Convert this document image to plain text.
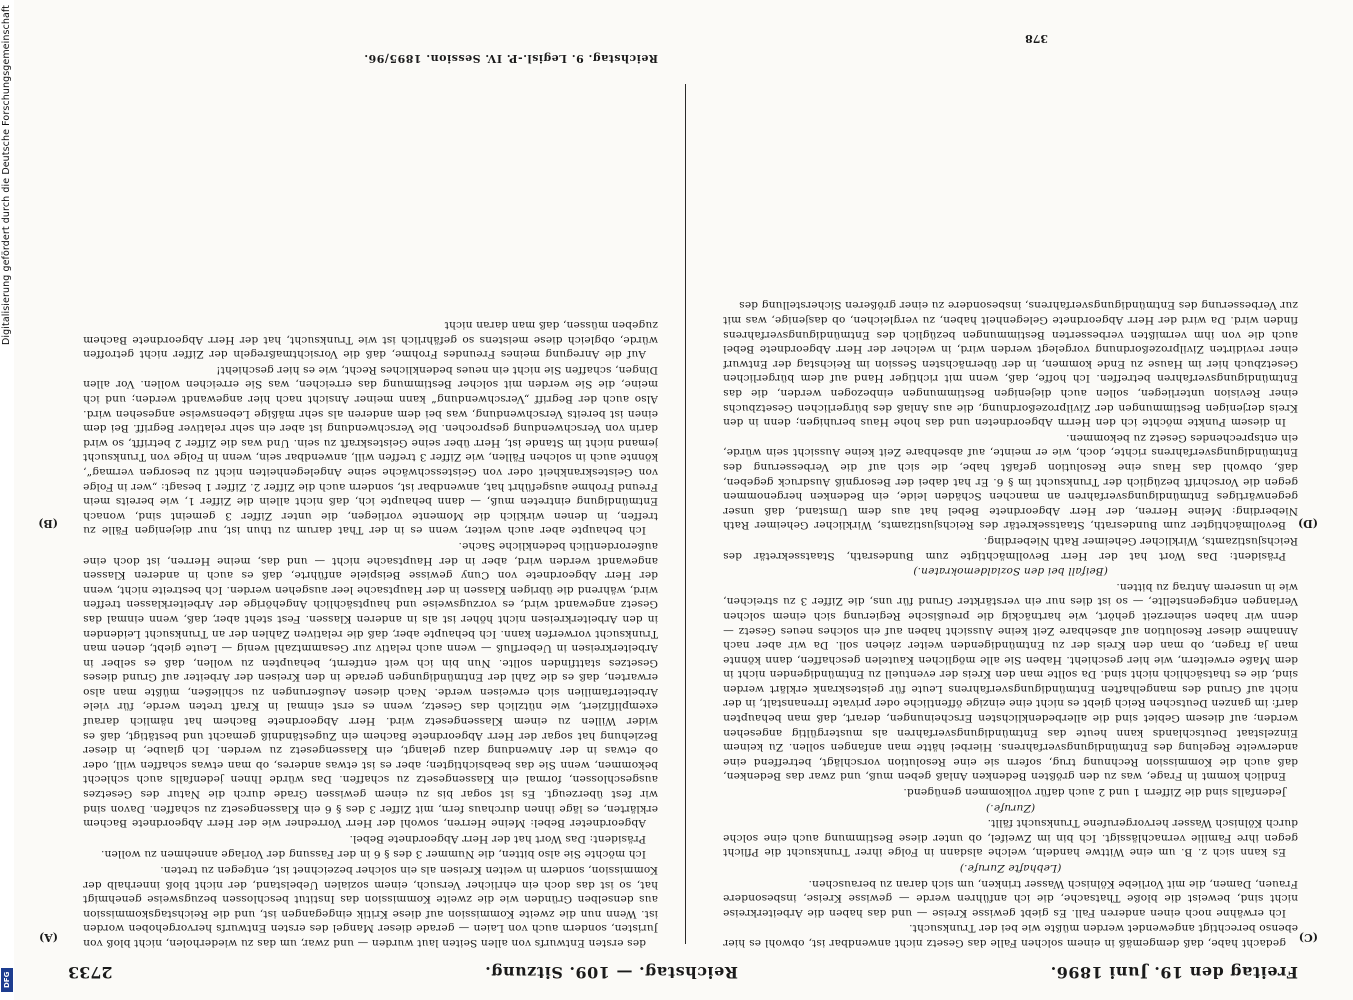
Digitalisierung gefördert durch die Deutsche Forschungsgemeinschaft
DFG	Freitag den 19. Juni 1896.
Reichstag. — 109. Sitzung.
2733
(C)
(D)
(A)
(B)

gedacht habe, daß demgemäß in einem solchen Falle das Gesetz nicht anwendbar ist, obwohl es hier ebenso berechtigt angewendet werden müßte wie bei der Trunksucht.

Ich erwähne noch einen anderen Fall. Es giebt gewisse Kreise — und das haben die Arbeiterkreise nicht sind, beweist die bloße Thatsache, die ich anführen werde — gewisse Kreise, insbesondere Frauen, Damen, die mit Vorliebe Kölnisch Wasser trinken, um sich daran zu berauschen.

(Lebhafte Zurufe.)

Es kann sich z. B. um eine Wittwe handeln, welche alsdann in Folge ihrer Trunksucht die Pflicht gegen ihre Familie vernachlässigt. Ich bin im Zweifel, ob unter diese Bestimmung auch eine solche durch Kölnisch Wasser hervorgerufene Trunksucht fällt.

(Zurufe.)

Jedenfalls sind die Ziffern 1 und 2 auch dafür vollkommen genügend.

Endlich kommt in Frage, was zu den größten Bedenken Anlaß geben muß, und zwar das Bedenken, daß auch die Kommission Rechnung trug, sofern sie eine Resolution vorschlägt, betreffend eine anderweite Regelung des Entmündigungsverfahrens. Hierbei hätte man anfangen sollen. Zu keinem Einzelstaat Deutschlands kann heute das Entmündigungsverfahren als mustergültig angesehen werden; auf diesem Gebiet sind die allerbedenklichsten Erscheinungen, derart, daß man behaupten darf: im ganzen Deutschen Reich giebt es nicht eine einzige öffentliche oder private Irrenanstalt, in der nicht auf Grund des mangelhaften Entmündigungsverfahrens Leute für geisteskrank erklärt werden sind, die es thatsächlich nicht sind. Da sollte man den Kreis der eventuell zu Entmündigenden nicht in dem Maße erweitern, wie hier geschieht. Haben Sie alle möglichen Kautelen geschaffen, dann könnte man ja fragen, ob man den Kreis der zu Entmündigenden weiter ziehen soll. Da wir aber nach Annahme dieser Resolution auf absehbare Zeit keine Aussicht haben auf ein solches neues Gesetz — denn wir haben seinerzeit gehört, wie hartnäckig die preußische Regierung sich einem solchen Verlangen entgegenstellte, — so ist dies nur ein verstärkter Grund für uns, die Ziffer 3 zu streichen, wie in unserem Antrag zu bitten.

(Beifall bei den Sozialdemokraten.)

Präsident: Das Wort hat der Herr Bevollmächtigte zum Bundesrath, Staatssekretär des Reichsjustizamts, Wirklicher Geheimer Rath Nieberding.

Bevollmächtigter zum Bundesrath, Staatssekretär des Reichsjustizamts, Wirklicher Geheimer Rath Nieberding: Meine Herren, der Herr Abgeordnete Bebel hat aus dem Umstand, daß unser gegenwärtiges Entmündigungsverfahren an manchen Schäden leide, ein Bedenken hergenommen gegen die Vorschrift bezüglich der Trunksucht im § 6. Er hat dabei der Besorgniß Ausdruck gegeben, daß, obwohl das Haus eine Resolution gefaßt habe, die sich auf die Verbesserung des Entmündigungsverfahrens richte, doch, wie er meinte, auf absehbare Zeit keine Aussicht sein würde, ein entsprechendes Gesetz zu bekommen.

In diesem Punkte möchte ich den Herrn Abgeordneten und das hohe Haus beruhigen; denn in den Kreis derjenigen Bestimmungen der Zivilprozeßordnung, die aus Anlaß des bürgerlichen Gesetzbuchs einer Revision unterliegen, sollen auch diejenigen Bestimmungen einbezogen werden, die das Entmündigungsverfahren betreffen. Ich hoffe, daß, wenn mit richtiger Hand auf dem bürgerlichen Gesetzbuch hier im Hause zu Ende kommen, in der übernächsten Session im Reichstag der Entwurf einer revidirten Zivilprozeßordnung vorgelegt werden wird, in welcher der Herr Abgeordnete Bebel auch die von ihm vermißten verbesserten Bestimmungen bezüglich des Entmündigungsverfahrens finden wird. Da wird der Herr Abgeordnete Gelegenheit haben, zu vergleichen, ob dasjenige, was mit zur Verbesserung des Entmündigungsverfahrens, insbesondere zu einer größeren Sicherstellung des

des ersten Entwurfs von allen Seiten laut wurden — und zwar, um das zu wiederholen, nicht bloß von Juristen, sondern auch von Laien — gerade dieser Mangel des ersten Entwurfs hervorgehoben worden ist. Wenn nun die zweite Kommission auf diese Kritik eingegangen ist, und die Reichstagskommission aus denselben Gründen wie die zweite Kommission das Institut beschlossen bezugsweise genehmigt hat, so ist das doch ein ehrlicher Versuch, einem sozialen Uebelstand, der nicht bloß innerhalb der Kommission, sondern in weiten Kreisen als ein solcher bezeichnet ist, entgegen zu treten.

Ich möchte Sie also bitten, die Nummer 3 des § 6 in der Fassung der Vorlage annehmen zu wollen.

Präsident: Das Wort hat der Herr Abgeordnete Bebel.

Abgeordneter Bebel: Meine Herren, sowohl der Herr Vorredner wie der Herr Abgeordnete Bachem erklärten, es läge ihnen durchaus fern, mit Ziffer 3 des § 6 ein Klassengesetz zu schaffen. Davon sind wir fest überzeugt. Es ist sogar bis zu einem gewissen Grade durch die Natur des Gesetzes ausgeschlossen, formal ein Klassengesetz zu schaffen. Das würde Ihnen jedenfalls auch schlecht bekommen, wenn Sie das beabsichtigten; aber es ist etwas anderes, ob man etwas schaffen will, oder ob etwas in der Anwendung dazu gelangt, ein Klassengesetz zu werden. Ich glaube, in dieser Beziehung hat sogar der Herr Abgeordnete Bachem ein Zugeständniß gemacht und bestätigt, daß es wider Willen zu einem Klassengesetz wird. Herr Abgeordnete Bachem hat nämlich darauf exemplifiziert, wie nützlich das Gesetz, wenn es erst einmal in Kraft treten werde, für viele Arbeiterfamilien sich erweisen werde. Nach diesen Aeußerungen zu schließen, müßte man also erwarten, daß es die Zahl der Entmündigungen gerade in den Kreisen der Arbeiter auf Grund dieses Gesetzes stattfinden sollte. Nun bin ich weit entfernt, behaupten zu wollen, daß es selber in Arbeiterkreisen in Ueberfluß — wenn auch relativ zur Gesammtzahl wenig — Leute giebt, denen man Trunksucht vorwerfen kann. Ich behaupte aber, daß die relativen Zahlen der an Trunksucht Leidenden in den Arbeiterkreisen nicht höher ist als in anderen Klassen. Fest steht aber, daß, wenn einmal das Gesetz angewandt wird, es vorzugsweise und hauptsächlich Angehörige der Arbeiterklassen treffen wird, während die übrigen Klassen in der Hauptsache leer ausgehen werden. Ich bestreite nicht, wenn der Herr Abgeordnete von Cuny gewisse Beispiele anführte, daß es auch in anderen Klassen angewandt werden wird, aber in der Hauptsache nicht — und das, meine Herren, ist doch eine außerordentlich bedenkliche Sache.

Ich behaupte aber auch weiter, wenn es in der That darum zu thun ist, nur diejenigen Fälle zu treffen, in denen wirklich die Momente vorliegen, die unter Ziffer 3 gemeint sind, wonach Entmündigung eintreten muß, — dann behaupte ich, daß nicht allein die Ziffer 1, wie bereits mein Freund Frohme ausgeführt hat, anwendbar ist, sondern auch die Ziffer 2. Ziffer 1 besagt: „wer in Folge von Geisteskrankheit oder von Geistesschwäche seine Angelegenheiten nicht zu besorgen vermag“, könnte auch in solchen Fällen, wie Ziffer 3 treffen will, anwendbar sein, wenn in Folge von Trunksucht jemand nicht im Stande ist, Herr über seine Geisteskraft zu sein. Und was die Ziffer 2 betrifft, so wird darin von Verschwendung gesprochen. Die Verschwendung ist aber ein sehr relativer Begriff. Bei dem einen ist bereits Verschwendung, was bei dem anderen als sehr mäßige Lebensweise angesehen wird. Also auch der Begriff „Verschwendung“ kann meiner Ansicht nach hier angewandt werden; und ich meine, die Sie werden mit solcher Bestimmung das erreichen, was Sie erreichen wollen. Vor allen Dingen, schaffen Sie nicht ein neues bedenkliches Recht, wie es hier geschieht!

Auf die Anregung meines Freundes Frohme, daß die Vorsichtmaßregeln der Ziffer nicht getroffen würde, obgleich diese meistens so gefährlich ist wie Trunksucht, hat der Herr Abgeordnete Bachem zugeben müssen, daß man daran nicht

Reichstag. 9. Legisl.-P. IV. Session. 1895/96.
378
